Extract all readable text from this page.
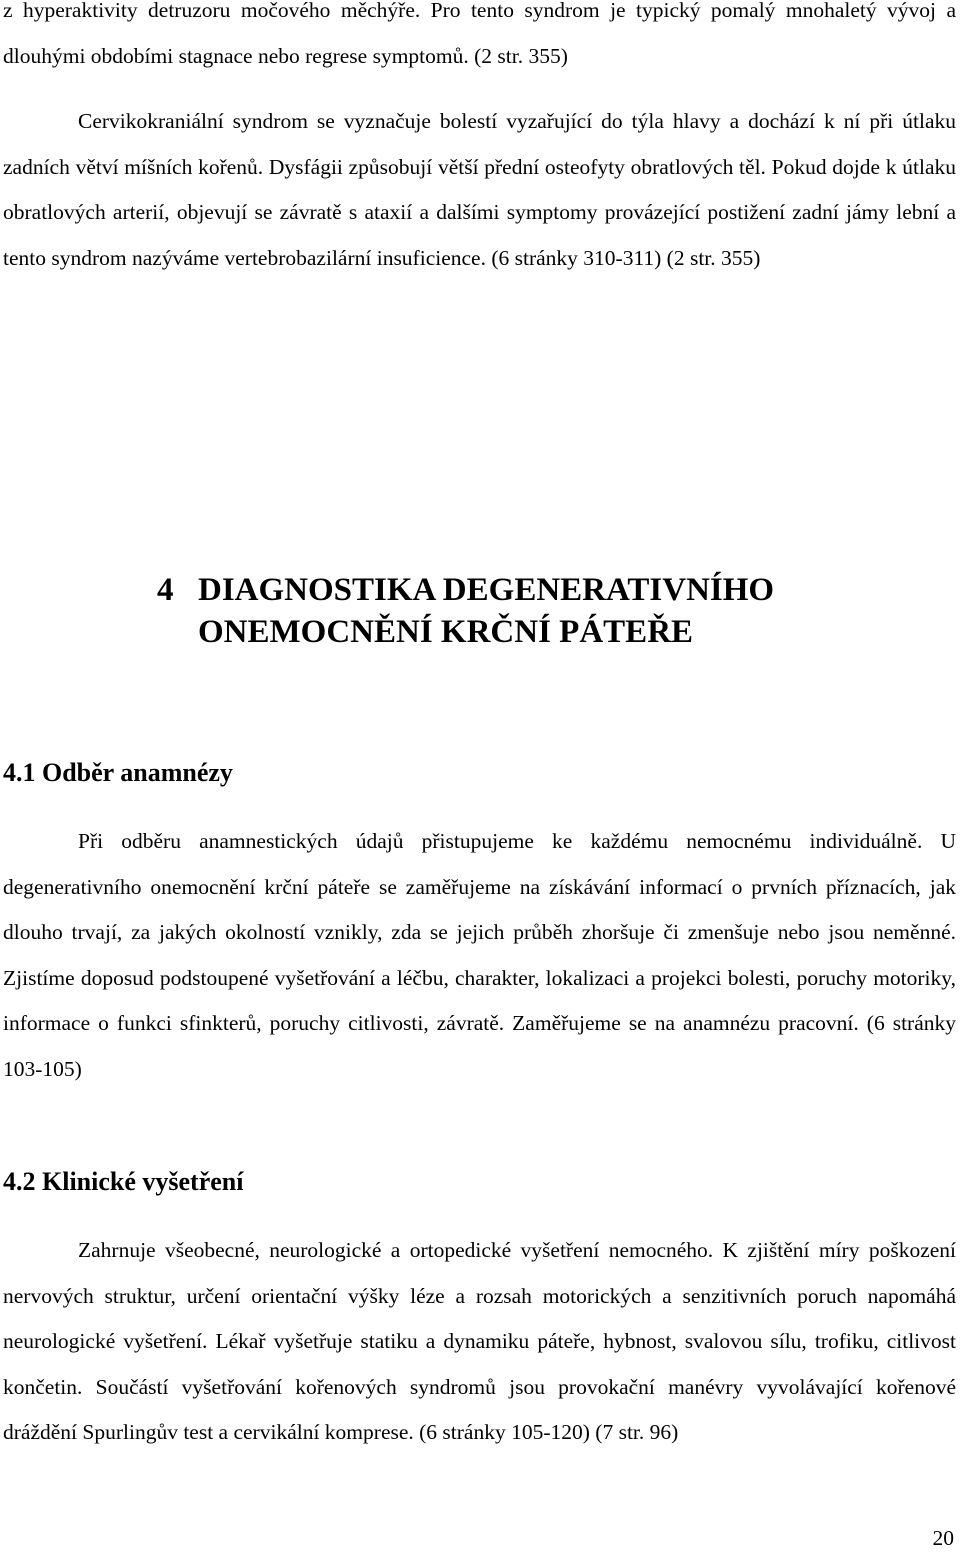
z hyperaktivity detruzoru močového měchýře. Pro tento syndrom je typický pomalý mnohaletý vývoj a dlouhými obdobími stagnace nebo regrese symptomů. (2 str. 355)

Cervikokraniální syndrom se vyznačuje bolestí vyzařující do týla hlavy a dochází k ní při útlaku zadních větví míšních kořenů. Dysfágii způsobují větší přední osteofyty obratlových těl. Pokud dojde k útlaku obratlových arterií, objevují se závratě s ataxií a dalšími symptomy provázející postižení zadní jámy lební a tento syndrom nazýváme vertebrobazilární insuficience. (6 stránky 310-311) (2 str. 355)

4 DIAGNOSTIKA DEGENERATIVNÍHO
ONEMOCNĚNÍ KRČNÍ PÁTEŘE
4.1 Odběr anamnézy

Při odběru anamnestických údajů přistupujeme ke každému nemocnému individuálně. U degenerativního onemocnění krční páteře se zaměřujeme na získávání informací o prvních příznacích, jak dlouho trvají, za jakých okolností vznikly, zda se jejich průběh zhoršuje či zmenšuje nebo jsou neměnné. Zjistíme doposud podstoupené vyšetřování a léčbu, charakter, lokalizaci a projekci bolesti, poruchy motoriky, informace o funkci sfinkterů, poruchy citlivosti, závratě. Zaměřujeme se na anamnézu pracovní. (6 stránky 103-105)

4.2 Klinické vyšetření

Zahrnuje všeobecné, neurologické a ortopedické vyšetření nemocného. K zjištění míry poškození nervových struktur, určení orientační výšky léze a rozsah motorických a senzitivních poruch napomáhá neurologické vyšetření. Lékař vyšetřuje statiku a dynamiku páteře, hybnost, svalovou sílu, trofiku, citlivost končetin. Součástí vyšetřování kořenových syndromů jsou provokační manévry vyvolávající kořenové dráždění Spurlingův test a cervikální komprese. (6 stránky 105-120) (7 str. 96)

20
